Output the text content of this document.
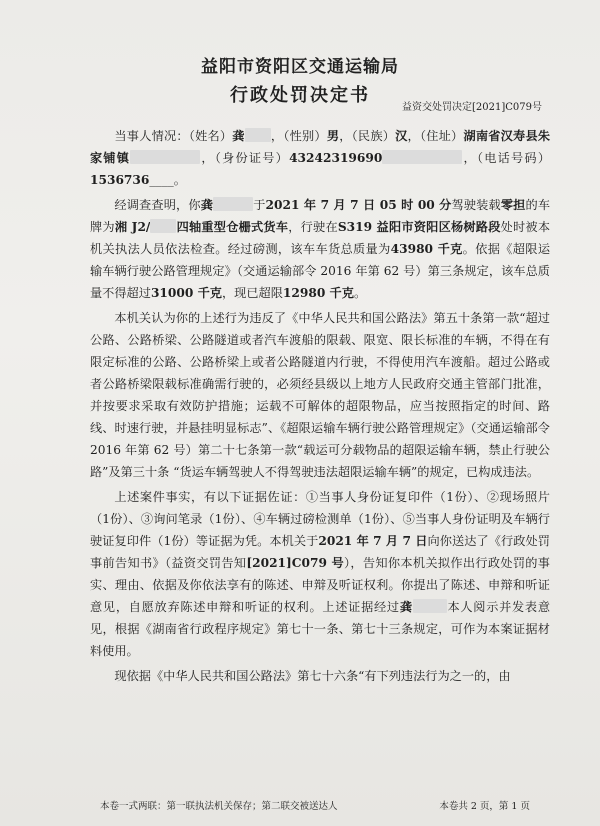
益阳市资阳区交通运输局
行政处罚决定书
益资交处罚决定[2021]C079号

当事人情况：（姓名）龚 ，（性别）男，（民族）汉，（住址）湖南省汉寿县朱家铺镇	，（身份证号）43242319690	，（电话号码）1536736____。

经调查查明，你龚	于2021 年 7 月 7 日 05 时 00 分驾驶装载零担的车牌为湘 J2/ 四轴重型仓栅式货车，行驶在S319 益阳市资阳区杨树路段处时被本机关执法人员依法检查。经过磅测，该车车货总质量为43980 千克。依据《超限运输车辆行驶公路管理规定》（交通运输部令 2016 年第 62 号）第三条规定，该车总质量不得超过31000 千克，现已超限12980 千克。

本机关认为你的上述行为违反了《中华人民共和国公路法》第五十条第一款“超过公路、公路桥梁、公路隧道或者汽车渡船的限载、限宽、限长标准的车辆，不得在有限定标准的公路、公路桥梁上或者公路隧道内行驶，不得使用汽车渡船。超过公路或者公路桥梁限载标准确需行驶的，必须经县级以上地方人民政府交通主管部门批准，并按要求采取有效防护措施；运载不可解体的超限物品，应当按照指定的时间、路线、时速行驶，并悬挂明显标志”、《超限运输车辆行驶公路管理规定》（交通运输部令 2016 年第 62 号）第二十七条第一款“载运可分载物品的超限运输车辆，禁止行驶公路”及第三十条 “货运车辆驾驶人不得驾驶违法超限运输车辆”的规定，已构成违法。

上述案件事实，有以下证据佐证：①当事人身份证复印件（1份）、②现场照片（1份）、③询问笔录（1份）、④车辆过磅检测单（1份）、⑤当事人身份证明及车辆行驶证复印件（1份）等证据为凭。本机关于2021 年 7 月 7 日向你送达了《行政处罚事前告知书》（益资交罚告知[2021]C079 号），告知你本机关拟作出行政处罚的事实、理由、依据及你依法享有的陈述、申辩及听证权利。你提出了陈述、申辩和听证意见，自愿放弃陈述申辩和听证的权利。上述证据经过龚	本人阅示并发表意见，根据《湖南省行政程序规定》第七十一条、第七十三条规定，可作为本案证据材料使用。

现依据《中华人民共和国公路法》第七十六条“有下列违法行为之一的，由

本卷一式两联：第一联执法机关保存；第二联交被送达人	本卷共 2 页，第 1 页
